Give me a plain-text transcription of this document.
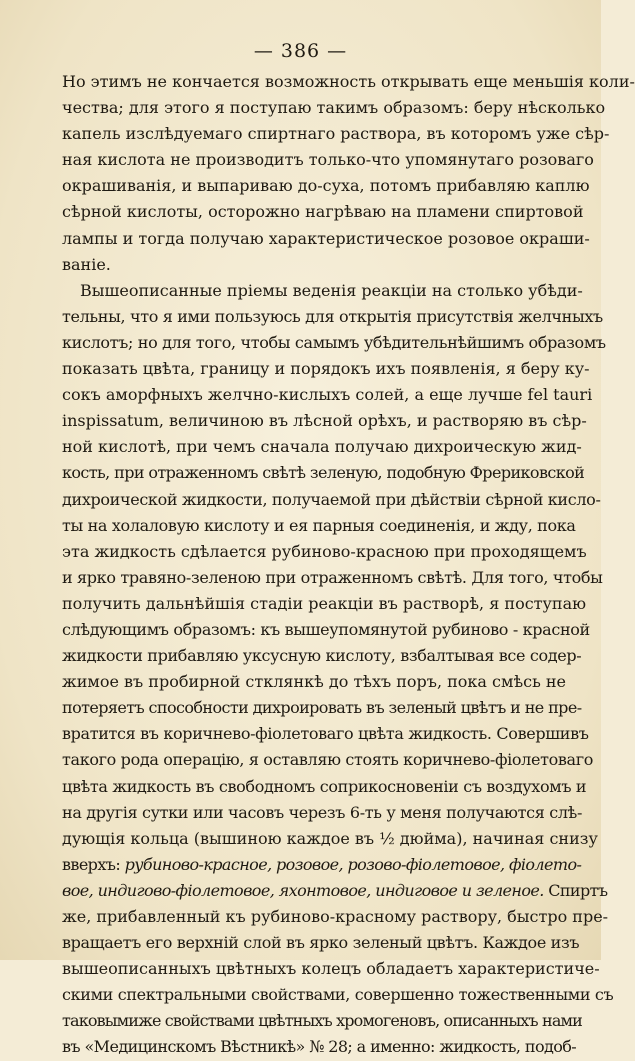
— 386 —
Но этимъ не кончается возможность открывать еще меньшія коли-
чества; для этого я поступаю такимъ образомъ: беру нѣсколько
капель изслѣдуемаго спиртнаго раствора, въ которомъ уже сѣр-
ная кислота не производитъ только-что упомянутаго розоваго
окрашиванія, и выпариваю до-суха, потомъ прибавляю каплю
сѣрной кислоты, осторожно нагрѣваю на пламени спиртовой
лампы и тогда получаю характеристическое розовое окраши-
ваніе.
Вышеописанные пріемы веденія реакціи на столько убѣди-
тельны, что я ими пользуюсь для открытія присутствія желчныхъ
кислотъ; но для того, чтобы самымъ убѣдительнѣйшимъ образомъ
показать цвѣта, границу и порядокъ ихъ появленія, я беру ку-
сокъ аморфныхъ желчно-кислыхъ солей, а еще лучше fel tauri
inspissatum, величиною въ лѣсной орѣхъ, и растворяю въ сѣр-
ной кислотѣ, при чемъ сначала получаю дихроическую жид-
кость, при отраженномъ свѣтѣ зеленую, подобную Фрериковской
дихроической жидкости, получаемой при дѣйствіи сѣрной кисло-
ты на холаловую кислоту и ея парныя соединенія, и жду, пока
эта жидкость сдѣлается рубиново-красною при проходящемъ
и ярко травяно-зеленою при отраженномъ свѣтѣ. Для того, чтобы
получить дальнѣйшія стадіи реакціи въ растворѣ, я поступаю
слѣдующимъ образомъ: къ вышеупомянутой рубиново - красной
жидкости прибавляю уксусную кислоту, взбалтывая все содер-
жимое въ пробирной стклянкѣ до тѣхъ поръ, пока смѣсь не
потеряетъ способности дихроировать въ зеленый цвѣтъ и не пре-
вратится въ коричнево-фіолетоваго цвѣта жидкость. Совершивъ
такого рода операцію, я оставляю стоять коричнево-фіолетоваго
цвѣта жидкость въ свободномъ соприкосновеніи съ воздухомъ и
на другія сутки или часовъ черезъ 6-ть у меня получаются слѣ-
дующія кольца (вышиною каждое въ ½ дюйма), начиная снизу
вверхъ: рубиново-красное, розовое, розово-фіолетовое, фіолето-
вое, индигово-фіолетовое, яхонтовое, индиговое и зеленое. Спиртъ
же, прибавленный къ рубиново-красному раствору, быстро пре-
вращаетъ его верхній слой въ ярко зеленый цвѣтъ. Каждое изъ
вышеописанныхъ цвѣтныхъ колецъ обладаетъ характеристиче-
скими спектральными свойствами, совершенно тожественными съ
таковымиже свойствами цвѣтныхъ хромогеновъ, описанныхъ нами
въ «Медицинскомъ Вѣстникѣ» № 28; а именно: жидкость, подоб-
